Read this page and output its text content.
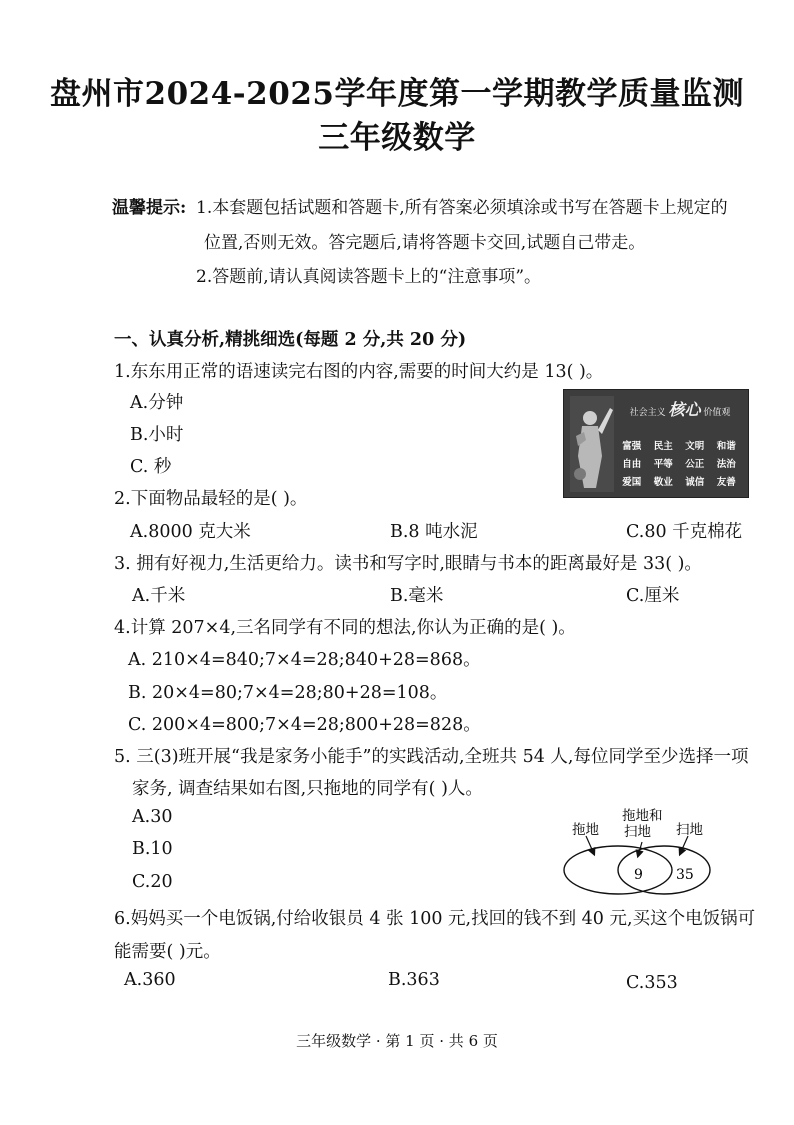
盘州市2024-2025学年度第一学期教学质量监测
三年级数学
温馨提示: 1.本套题包括试题和答题卡,所有答案必须填涂或书写在答题卡上规定的
位置,否则无效。答完题后,请将答题卡交回,试题自己带走。
2.答题前,请认真阅读答题卡上的“注意事项”。
一、认真分析,精挑细选(每题 2 分,共 20 分)
1.东东用正常的语速读完右图的内容,需要的时间大约是 13( )。
A.分钟
B.小时
C. 秒
社会主义 核心 价值观
富强	民主	文明	和谐
自由	平等	公正	法治
爱国	敬业	诚信	友善
2.下面物品最轻的是( )。
A.8000 克大米	B.8 吨水泥	C.80 千克棉花
3. 拥有好视力,生活更给力。读书和写字时,眼睛与书本的距离最好是 33( )。
A.千米	B.毫米	C.厘米
4.计算 207×4,三名同学有不同的想法,你认为正确的是( )。
A. 210×4=840;7×4=28;840+28=868。
B. 20×4=80;7×4=28;80+28=108。
C. 200×4=800;7×4=28;800+28=828。
5. 三(3)班开展“我是家务小能手”的实践活动,全班共 54 人,每位同学至少选择一项
家务, 调查结果如右图,只拖地的同学有( )人。
A.30
B.10
C.20
拖地
拖地和
扫地 扫地
9 35
6.妈妈买一个电饭锅,付给收银员 4 张 100 元,找回的钱不到 40 元,买这个电饭锅可
能需要( )元。
A.360	B.363	C.353
三年级数学 · 第 1 页 · 共 6 页
